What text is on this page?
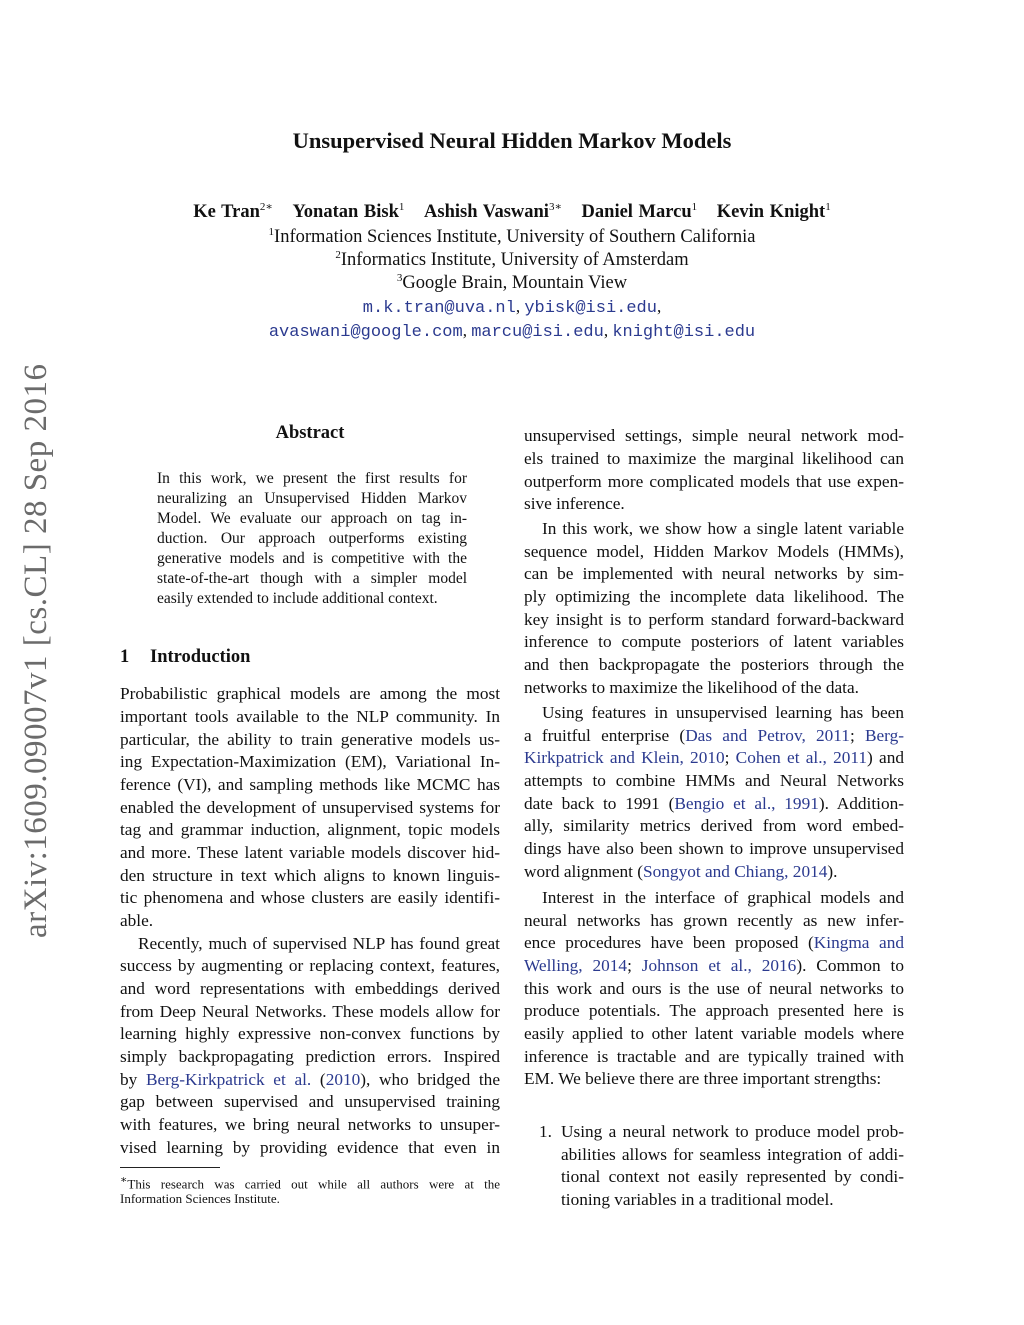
arXiv:1609.09007v1 [cs.CL] 28 Sep 2016
Unsupervised Neural Hidden Markov Models
Ke Tran$^{2∗}$ Yonatan Bisk$^1$ Ashish Vaswani$^{3∗}$ Daniel Marcu$^1$ Kevin Knight$^1$
$^1$Information Sciences Institute, University of Southern California
$^2$Informatics Institute, University of Amsterdam
$^3$Google Brain, Mountain View
m.k.tran@uva.nl, ybisk@isi.edu,
avaswani@google.com, marcu@isi.edu, knight@isi.edu
Abstract
In this work, we present the first results for
neuralizing an Unsupervised Hidden Markov
Model. We evaluate our approach on tag in-
duction. Our approach outperforms existing
generative models and is competitive with the
state-of-the-art though with a simpler model
easily extended to include additional context.
1 Introduction
Probabilistic graphical models are among the most
important tools available to the NLP community. In
particular, the ability to train generative models us-
ing Expectation-Maximization (EM), Variational In-
ference (VI), and sampling methods like MCMC has
enabled the development of unsupervised systems for
tag and grammar induction, alignment, topic models
and more. These latent variable models discover hid-
den structure in text which aligns to known linguis-
tic phenomena and whose clusters are easily identifi-
able.
Recently, much of supervised NLP has found great
success by augmenting or replacing context, features,
and word representations with embeddings derived
from Deep Neural Networks. These models allow for
learning highly expressive non-convex functions by
simply backpropagating prediction errors. Inspired
by Berg-Kirkpatrick et al. (2010), who bridged the
gap between supervised and unsupervised training
with features, we bring neural networks to unsuper-
vised learning by providing evidence that even in
∗This research was carried out while all authors were at the
Information Sciences Institute.
unsupervised settings, simple neural network mod-
els trained to maximize the marginal likelihood can
outperform more complicated models that use expen-
sive inference.
In this work, we show how a single latent variable
sequence model, Hidden Markov Models (HMMs),
can be implemented with neural networks by sim-
ply optimizing the incomplete data likelihood. The
key insight is to perform standard forward-backward
inference to compute posteriors of latent variables
and then backpropagate the posteriors through the
networks to maximize the likelihood of the data.
Using features in unsupervised learning has been
a fruitful enterprise (Das and Petrov, 2011; Berg-
Kirkpatrick and Klein, 2010; Cohen et al., 2011) and
attempts to combine HMMs and Neural Networks
date back to 1991 (Bengio et al., 1991). Addition-
ally, similarity metrics derived from word embed-
dings have also been shown to improve unsupervised
word alignment (Songyot and Chiang, 2014).
Interest in the interface of graphical models and
neural networks has grown recently as new infer-
ence procedures have been proposed (Kingma and
Welling, 2014; Johnson et al., 2016). Common to
this work and ours is the use of neural networks to
produce potentials. The approach presented here is
easily applied to other latent variable models where
inference is tractable and are typically trained with
EM. We believe there are three important strengths:
1. Using a neural network to produce model prob-
abilities allows for seamless integration of addi-
tional context not easily represented by condi-
tioning variables in a traditional model.
